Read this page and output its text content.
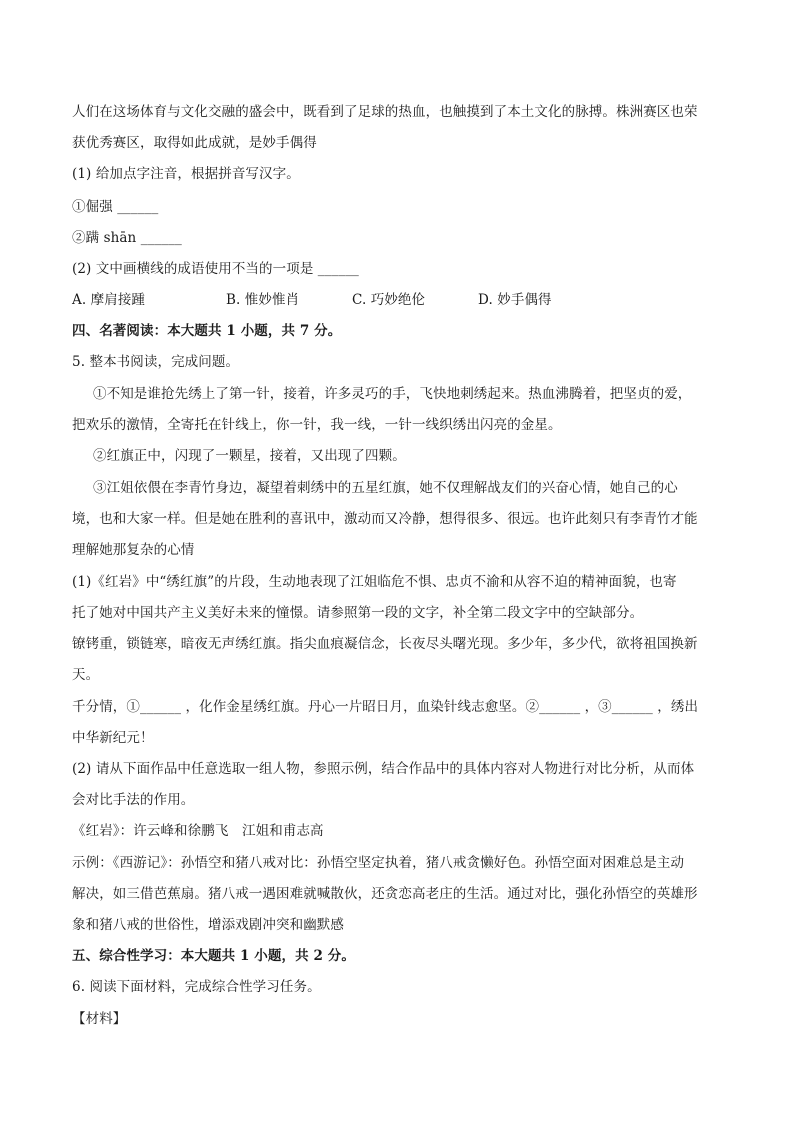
人们在这场体育与文化交融的盛会中，既看到了足球的热血，也触摸到了本土文化的脉搏。株洲赛区也荣
获优秀赛区，取得如此成就，是妙手偶得
(1) 给加点字注音，根据拼音写汉字。
①倔强 ______
②蹒 shān ______
(2) 文中画横线的成语使用不当的一项是 ______
A. 摩肩接踵	B. 惟妙惟肖	C. 巧妙绝伦	D. 妙手偶得
四、名著阅读：本大题共 1 小题，共 7 分。
5. 整本书阅读，完成问题。
①不知是谁抢先绣上了第一针，接着，许多灵巧的手，飞快地刺绣起来。热血沸腾着，把坚贞的爱，
把欢乐的激情，全寄托在针线上，你一针，我一线，一针一线织绣出闪亮的金星。
②红旗正中，闪现了一颗星，接着，又出现了四颗。
③江姐依偎在李青竹身边，凝望着刺绣中的五星红旗，她不仅理解战友们的兴奋心情，她自己的心
境，也和大家一样。但是她在胜利的喜讯中，激动而又冷静，想得很多、很远。也许此刻只有李青竹才能
理解她那复杂的心情
(1)《红岩》中“绣红旗”的片段，生动地表现了江姐临危不惧、忠贞不渝和从容不迫的精神面貌，也寄
托了她对中国共产主义美好未来的憧憬。请参照第一段的文字，补全第二段文字中的空缺部分。
镣铐重，锁链寒，暗夜无声绣红旗。指尖血痕凝信念，长夜尽头曙光现。多少年，多少代，欲将祖国换新
天。
千分情，①______ ，化作金星绣红旗。丹心一片昭日月，血染针线志愈坚。②______ ，③______ ，绣出
中华新纪元！
(2) 请从下面作品中任意选取一组人物，参照示例，结合作品中的具体内容对人物进行对比分析，从而体
会对比手法的作用。
《红岩》：许云峰和徐鹏飞　江姐和甫志高
示例：《西游记》：孙悟空和猪八戒对比：孙悟空坚定执着，猪八戒贪懒好色。孙悟空面对困难总是主动
解决，如三借芭蕉扇。猪八戒一遇困难就喊散伙，还贪恋高老庄的生活。通过对比，强化孙悟空的英雄形
象和猪八戒的世俗性，增添戏剧冲突和幽默感
五、综合性学习：本大题共 1 小题，共 2 分。
6. 阅读下面材料，完成综合性学习任务。
【材料】
